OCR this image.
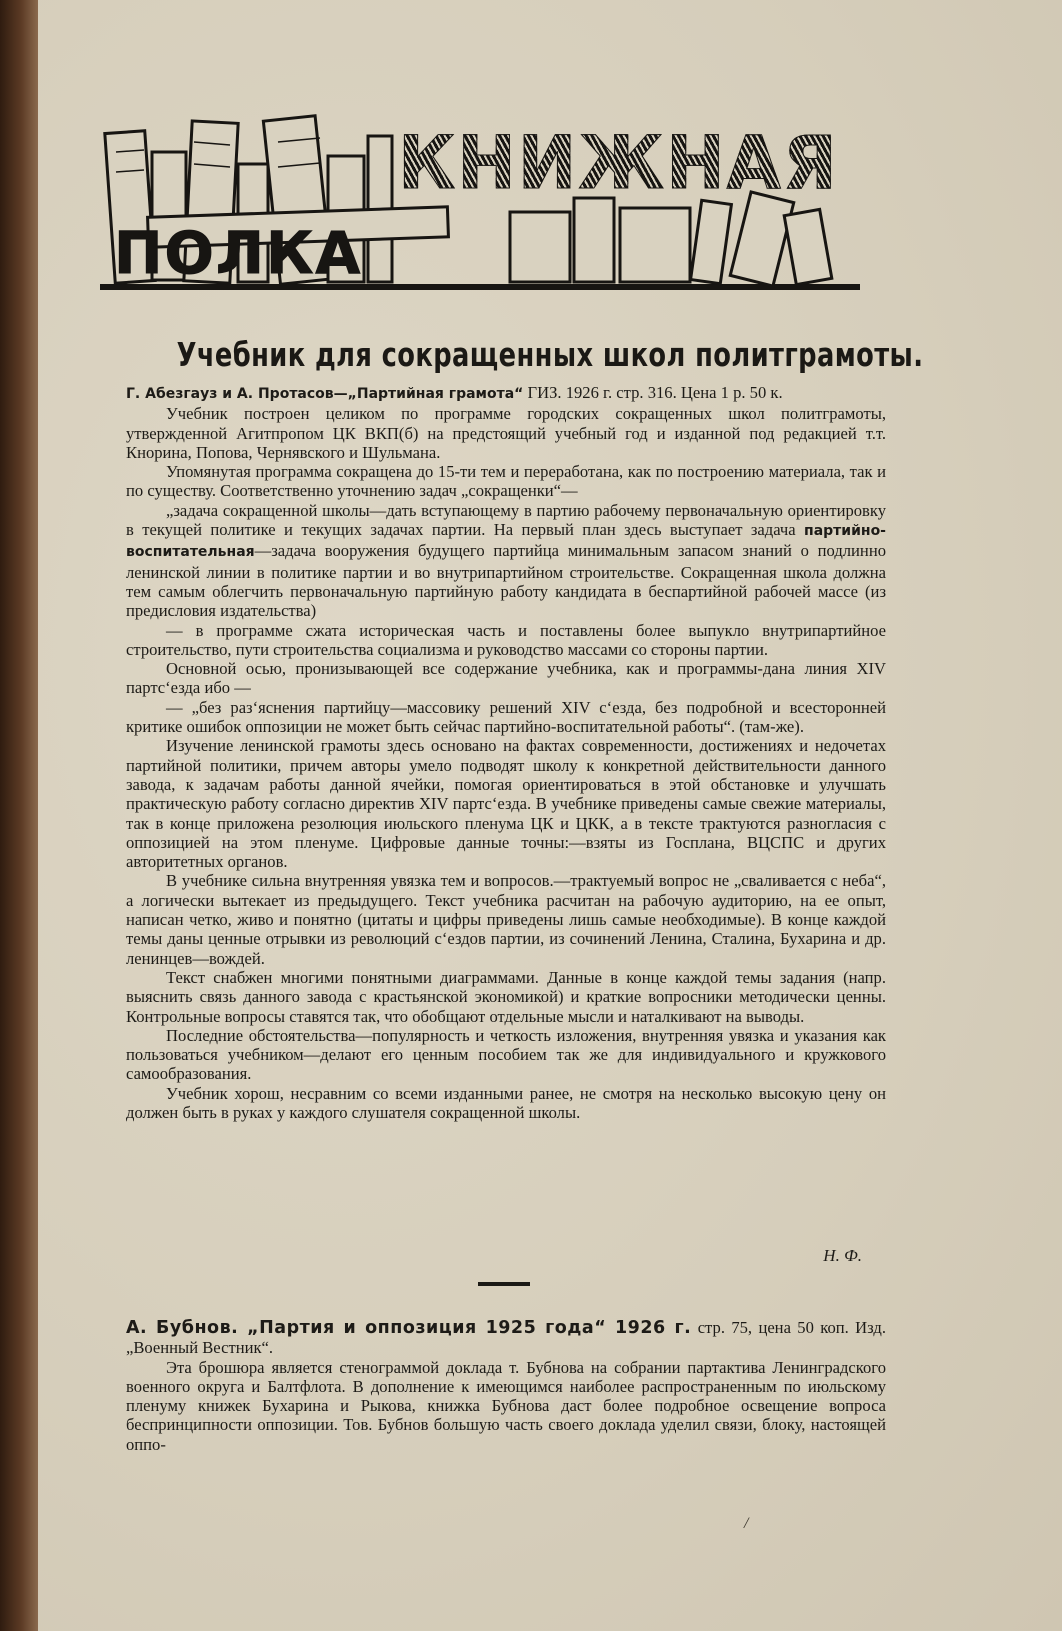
КНИЖНАЯ
ПОЛКА
Учебник для сокращенных школ политграмоты.

Г. Абезгауз и А. Протасов—„Партийная грамота“ ГИЗ. 1926 г. стр. 316. Цена 1 р. 50 к.

Учебник построен целиком по программе городских сокращенных школ политграмоты, утвержденной Агитпропом ЦК ВКП(б) на предстоящий учебный год и изданной под редакцией т.т. Кнорина, Попова, Чернявского и Шульмана.

Упомянутая программа сокращена до 15-ти тем и переработана, как по построению материала, так и по существу. Соответственно уточнению задач „сокращенки“—

„задача сокращенной школы—дать вступающему в партию рабочему первоначальную ориентировку в текущей политике и текущих задачах партии. На первый план здесь выступает задача партийно-воспитательная—задача вооружения будущего партийца минимальным запасом знаний о подлинно ленинской линии в политике партии и во внутрипартийном строительстве. Сокращенная школа должна тем самым облегчить первоначальную партийную работу кандидата в беспартийной рабочей массе (из предисловия издательства)

— в программе сжата историческая часть и поставлены более выпукло внутрипартийное строительство, пути строительства социализма и руководство массами со стороны партии.

Основной осью, пронизывающей все содержание учебника, как и программы-дана линия XIV партс‘езда ибо —

— „без раз‘яснения партийцу—массовику решений XIV с‘езда, без подробной и всесторонней критике ошибок оппозиции не может быть сейчас партийно-воспитательной работы“. (там-же).

Изучение ленинской грамоты здесь основано на фактах современности, достижениях и недочетах партийной политики, причем авторы умело подводят школу к конкретной действительности данного завода, к задачам работы данной ячейки, помогая ориентироваться в этой обстановке и улучшать практическую работу согласно директив XIV партс‘езда. В учебнике приведены самые свежие материалы, так в конце приложена резолюция июльского пленума ЦК и ЦКК, а в тексте трактуются разногласия с оппозицией на этом пленуме. Цифровые данные точны:—взяты из Госплана, ВЦСПС и других авторитетных органов.

В учебнике сильна внутренняя увязка тем и вопросов.—трактуемый вопрос не „сваливается с неба“, а логически вытекает из предыдущего. Текст учебника расчитан на рабочую аудиторию, на ее опыт, написан четко, живо и понятно (цитаты и цифры приведены лишь самые необходимые). В конце каждой темы даны ценные отрывки из революций с‘ездов партии, из сочинений Ленина, Сталина, Бухарина и др. ленинцев—вождей.

Текст снабжен многими понятными диаграммами. Данные в конце каждой темы задания (напр. выяснить связь данного завода с крастьянской экономикой) и краткие вопросники методически ценны. Контрольные вопросы ставятся так, что обобщают отдельные мысли и наталкивают на выводы.

Последние обстоятельства—популярность и четкость изложения, внутренняя увязка и указания как пользоваться учебником—делают его ценным пособием так же для индивидуального и кружкового самообразования.

Учебник хорош, несравним со всеми изданными ранее, не смотря на несколько высокую цену он должен быть в руках у каждого слушателя сокращенной школы.

Н. Ф.

А. Бубнов. „Партия и оппозиция 1925 года“ 1926 г. стр. 75, цена 50 коп. Изд. „Военный Вестник“.

Эта брошюра является стенограммой доклада т. Бубнова на собрании партактива Ленинградского военного округа и Балтфлота. В дополнение к имеющимся наиболее распространенным по июльскому пленуму книжек Бухарина и Рыкова, книжка Бубнова даст более подробное освещение вопроса беспринципности оппозиции. Тов. Бубнов большую часть своего доклада уделил связи, блоку, настоящей оппо-

/
